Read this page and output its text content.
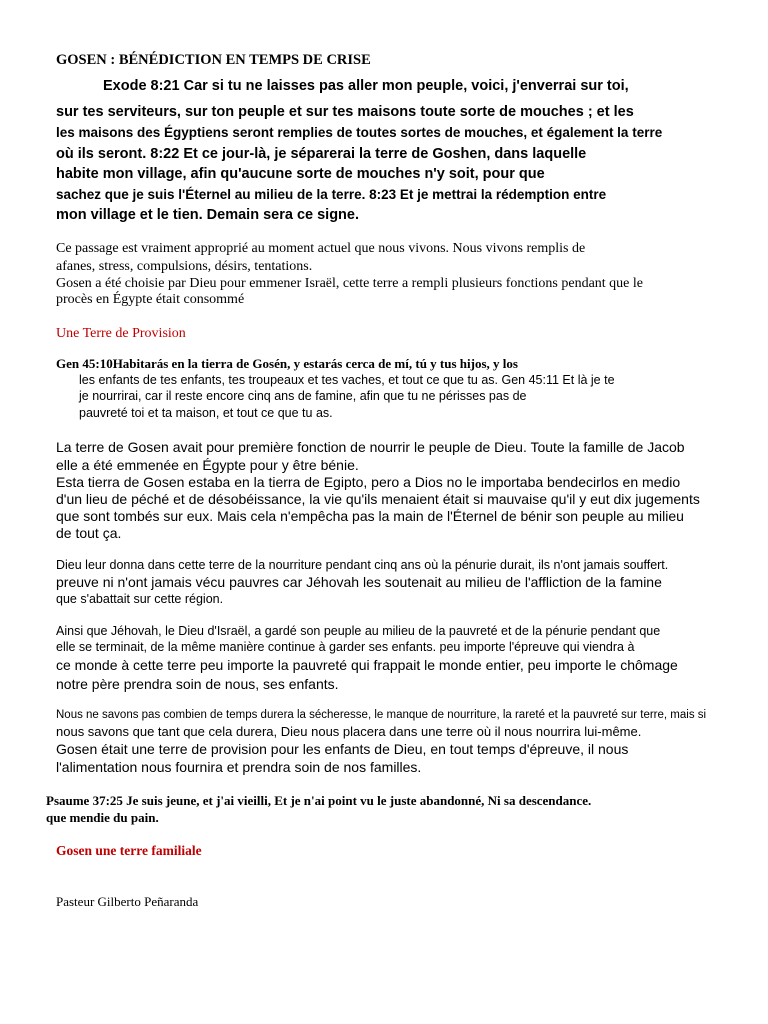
GOSEN : BÉNÉDICTION EN TEMPS DE CRISE
Exode 8:21 Car si tu ne laisses pas aller mon peuple, voici, j'enverrai sur toi,
sur tes serviteurs, sur ton peuple et sur tes maisons toute sorte de mouches ; et les
les maisons des Égyptiens seront remplies de toutes sortes de mouches, et également la terre
où ils seront. 8:22 Et ce jour-là, je séparerai la terre de Goshen, dans laquelle
habite mon village, afin qu'aucune sorte de mouches n'y soit, pour que
sachez que je suis l'Éternel au milieu de la terre. 8:23 Et je mettrai la rédemption entre
mon village et le tien. Demain sera ce signe.
Ce passage est vraiment approprié au moment actuel que nous vivons. Nous vivons remplis de
afanes, stress, compulsions, désirs, tentations.
Gosen a été choisie par Dieu pour emmener Israël, cette terre a rempli plusieurs fonctions pendant que le
procès en Égypte était consommé
Une Terre de Provision
Gen 45:10Habitarás en la tierra de Gosén, y estarás cerca de mí, tú y tus hijos, y los
les enfants de tes enfants, tes troupeaux et tes vaches, et tout ce que tu as. Gen 45:11 Et là je te
je nourrirai, car il reste encore cinq ans de famine, afin que tu ne périsses pas de
pauvreté toi et ta maison, et tout ce que tu as.
La terre de Gosen avait pour première fonction de nourrir le peuple de Dieu. Toute la famille de Jacob
elle a été emmenée en Égypte pour y être bénie.
Esta tierra de Gosen estaba en la tierra de Egipto, pero a Dios no le importaba bendecirlos en medio
d'un lieu de péché et de désobéissance, la vie qu'ils menaient était si mauvaise qu'il y eut dix jugements
que sont tombés sur eux. Mais cela n'empêcha pas la main de l'Éternel de bénir son peuple au milieu
de tout ça.
Dieu leur donna dans cette terre de la nourriture pendant cinq ans où la pénurie durait, ils n'ont jamais souffert.
preuve ni n'ont jamais vécu pauvres car Jéhovah les soutenait au milieu de l'affliction de la famine
que s'abattait sur cette région.
Ainsi que Jéhovah, le Dieu d'Israël, a gardé son peuple au milieu de la pauvreté et de la pénurie pendant que
elle se terminait, de la même manière continue à garder ses enfants. peu importe l'épreuve qui viendra à
ce monde à cette terre peu importe la pauvreté qui frappait le monde entier, peu importe le chômage
notre père prendra soin de nous, ses enfants.
Nous ne savons pas combien de temps durera la sécheresse, le manque de nourriture, la rareté et la pauvreté sur terre, mais si
nous savons que tant que cela durera, Dieu nous placera dans une terre où il nous nourrira lui-même.
Gosen était une terre de provision pour les enfants de Dieu, en tout temps d'épreuve, il nous
l'alimentation nous fournira et prendra soin de nos familles.
Psaume 37:25 Je suis jeune, et j'ai vieilli, Et je n'ai point vu le juste abandonné, Ni sa descendance.
que mendie du pain.
Gosen une terre familiale
Pasteur Gilberto Peñaranda
